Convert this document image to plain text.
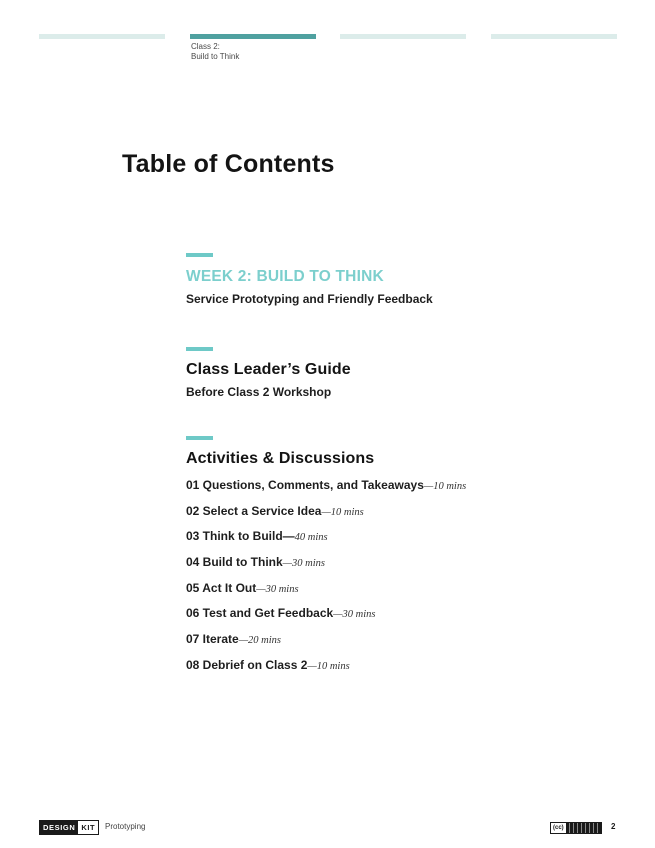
Class 2:
Build to Think
Table of Contents
WEEK 2: BUILD TO THINK
Service Prototyping and Friendly Feedback
Class Leader’s Guide
Before Class 2 Workshop
Activities & Discussions
01 Questions, Comments, and Takeaways—10 mins
02 Select a Service Idea—10 mins
03 Think to Build—40 mins
04 Build to Think—30 mins
05 Act It Out—30 mins
06 Test and Get Feedback—30 mins
07 Iterate—20 mins
08 Debrief on Class 2—10 mins
DESIGN KIT	Prototyping	(cc)	2
